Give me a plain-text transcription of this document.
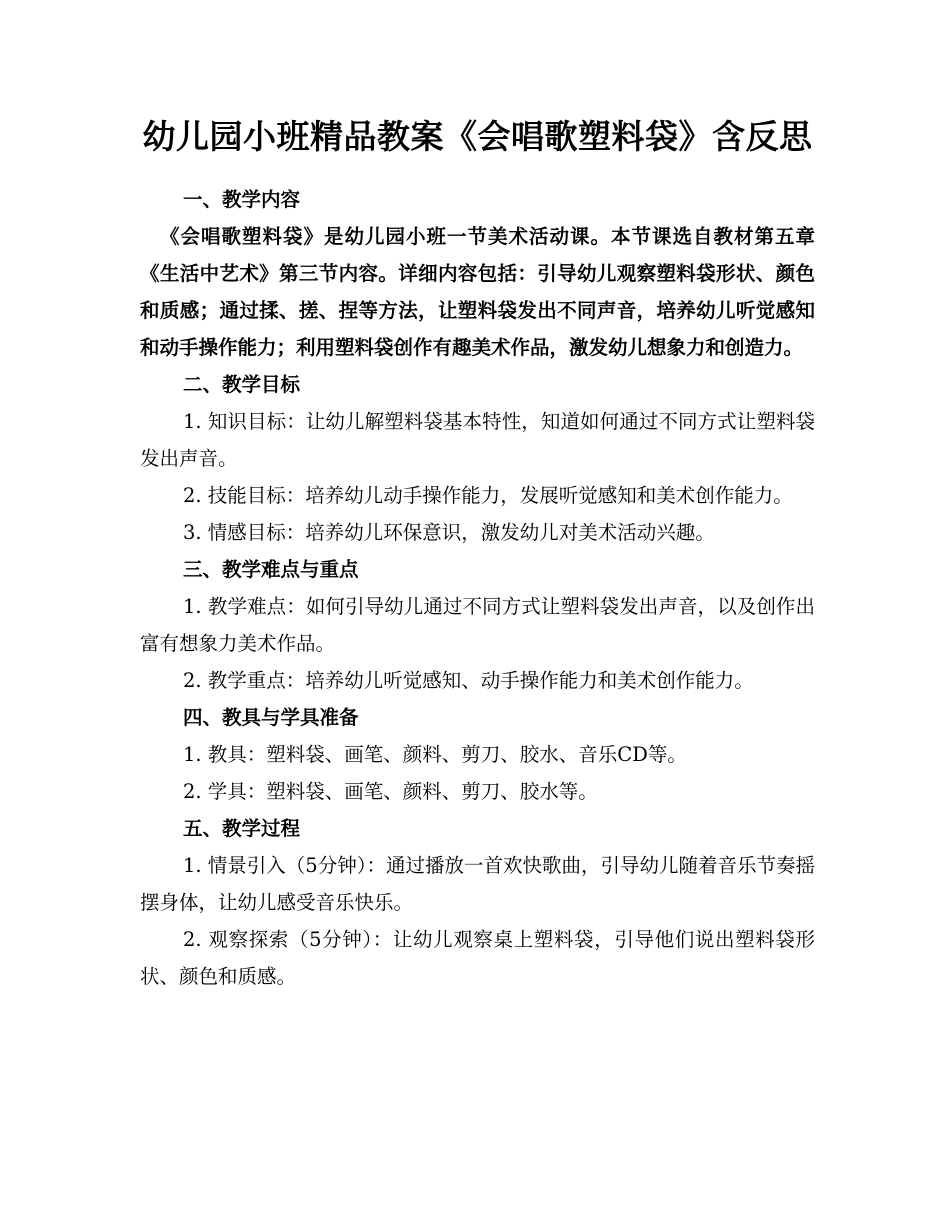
幼儿园小班精品教案《会唱歌塑料袋》含反思

一、教学内容

《会唱歌塑料袋》是幼儿园小班一节美术活动课。本节课选自教材第五章《生活中艺术》第三节内容。详细内容包括：引导幼儿观察塑料袋形状、颜色和质感；通过揉、搓、捏等方法，让塑料袋发出不同声音，培养幼儿听觉感知和动手操作能力；利用塑料袋创作有趣美术作品，激发幼儿想象力和创造力。

二、教学目标

1. 知识目标：让幼儿解塑料袋基本特性，知道如何通过不同方式让塑料袋发出声音。

2. 技能目标：培养幼儿动手操作能力，发展听觉感知和美术创作能力。

3. 情感目标：培养幼儿环保意识，激发幼儿对美术活动兴趣。

三、教学难点与重点

1. 教学难点：如何引导幼儿通过不同方式让塑料袋发出声音，以及创作出富有想象力美术作品。

2. 教学重点：培养幼儿听觉感知、动手操作能力和美术创作能力。

四、教具与学具准备

1. 教具：塑料袋、画笔、颜料、剪刀、胶水、音乐CD等。

2. 学具：塑料袋、画笔、颜料、剪刀、胶水等。

五、教学过程

1. 情景引入（5分钟）：通过播放一首欢快歌曲，引导幼儿随着音乐节奏摇摆身体，让幼儿感受音乐快乐。

2. 观察探索（5分钟）：让幼儿观察桌上塑料袋，引导他们说出塑料袋形状、颜色和质感。
